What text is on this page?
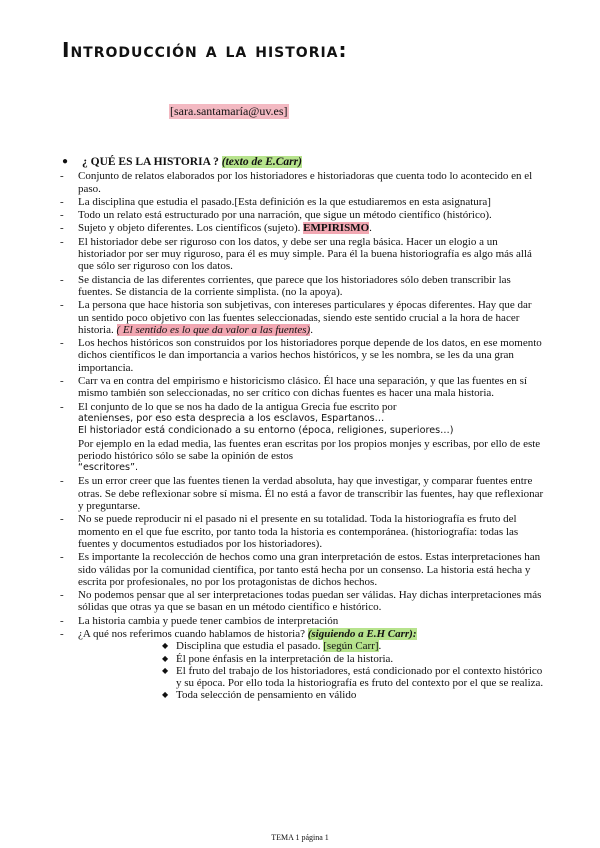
Introducción a la historia:
[sara.santamaría@uv.es]
● ¿ QUÉ ES LA HISTORIA ? (texto de E.Carr)
- Conjunto de relatos elaborados por los historiadores e historiadoras que cuenta todo lo acontecido en el paso.
- La disciplina que estudia el pasado.[Esta definición es la que estudiaremos en esta asignatura]
- Todo un relato está estructurado por una narración, que sigue un método científico (histórico).
- Sujeto y objeto diferentes. Los científicos (sujeto). EMPIRISMO.
- El historiador debe ser riguroso con los datos, y debe ser una regla básica. Hacer un elogio a un historiador por ser muy riguroso, para él es muy simple. Para él la buena historiografía es algo más allá que sólo ser riguroso con los datos.
- Se distancia de las diferentes corrientes, que parece que los historiadores sólo deben transcribir las fuentes. Se distancia de la corriente simplista. (no la apoya).
- La persona que hace historia son subjetivas, con intereses particulares y épocas diferentes. Hay que dar un sentido poco objetivo con las fuentes seleccionadas, siendo este sentido crucial a la hora de hacer historia. ( El sentido es lo que da valor a las fuentes).
- Los hechos históricos son construidos por los historiadores porque depende de los datos, en ese momento dichos científicos le dan importancia a varios hechos históricos, y se les nombra, se les da una gran importancia.
- Carr va en contra del empirismo e historicismo clásico. Él hace una separación, y que las fuentes en sí mismo también son seleccionadas, no ser crítico con dichas fuentes es hacer una mala historia.
- El conjunto de lo que se nos ha dado de la antigua Grecia fue escrito por
atenienses, por eso esta desprecia a los esclavos, Espartanos…
El historiador está condicionado a su entorno (época, religiones, superiores…)
Por ejemplo en la edad media, las fuentes eran escritas por los propios monjes y escribas, por ello de este periodo histórico sólo se sabe la opinión de estos
“escritores”.
- Es un error creer que las fuentes tienen la verdad absoluta, hay que investigar, y comparar fuentes entre otras. Se debe reflexionar sobre sí misma. Él no está a favor de transcribir las fuentes, hay que reflexionar y preguntarse.
- No se puede reproducir ni el pasado ni el presente en su totalidad. Toda la historiografía es fruto del momento en el que fue escrito, por tanto toda la historia es contemporánea. (historiografía: todas las fuentes y documentos estudiados por los historiadores).
- Es importante la recolección de hechos como una gran interpretación de estos. Estas interpretaciones han sido válidas por la comunidad científica, por tanto está hecha por un consenso. La historia está hecha y escrita por profesionales, no por los protagonistas de dichos hechos.
- No podemos pensar que al ser interpretaciones todas puedan ser válidas. Hay dichas interpretaciones más sólidas que otras ya que se basan en un método científico e histórico.
- La historia cambia y puede tener cambios de interpretación
- ¿A qué nos referimos cuando hablamos de historia? (siguiendo a E.H Carr):
◆ Disciplina que estudia el pasado. [según Carr].
◆ Él pone énfasis en la interpretación de la historia.
◆ El fruto del trabajo de los historiadores, está condicionado por el contexto histórico y su época. Por ello toda la historiografía es fruto del contexto por el que se realiza.
◆ Toda selección de pensamiento en válido
TEMA 1 página 1
